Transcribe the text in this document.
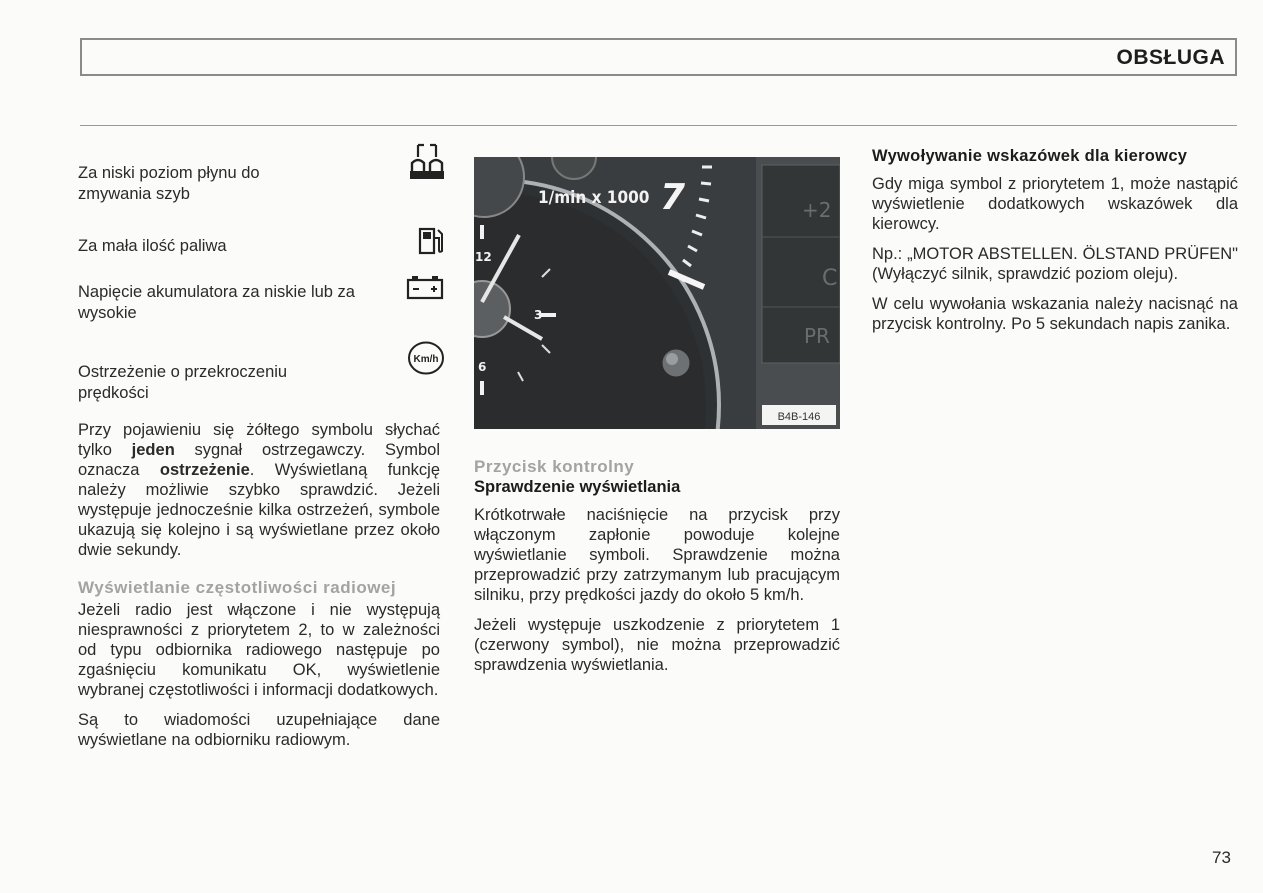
OBSŁUGA
Za niski poziom płynu do zmywania szyb
Za mała ilość paliwa
Napięcie akumulatora za niskie lub za wysokie
Ostrzeżenie o przekroczeniu prędkości
Km/h

Przy pojawieniu się żółtego symbolu słychać tylko jeden sygnał ostrzegawczy. Symbol oznacza ostrzeżenie. Wyświetlaną funkcję należy możliwie szybko sprawdzić. Jeżeli występuje jednocześnie kilka ostrzeżeń, symbole ukazują się kolejno i są wyświetlane przez około dwie sekundy.

Wyświetlanie częstotliwości radiowej

Jeżeli radio jest włączone i nie występują niesprawności z priorytetem 2, to w zależności od typu odbiornika radiowego następuje po zgaśnięciu komunikatu OK, wyświetlenie wybranej częstotliwości i informacji dodatkowych.

Są to wiadomości uzupełniające dane wyświetlane na odbiorniku radiowym.

1/min x 1000 7
12
3
6
+2
C
PR
B4B-146
Przycisk kontrolny
Sprawdzenie wyświetlania

Krótkotrwałe naciśnięcie na przycisk przy włączonym zapłonie powoduje kolejne wyświetlanie symboli. Sprawdzenie można przeprowadzić przy zatrzymanym lub pracującym silniku, przy prędkości jazdy do około 5 km/h.

Jeżeli występuje uszkodzenie z priorytetem 1 (czerwony symbol), nie można przeprowadzić sprawdzenia wyświetlania.

Wywoływanie wskazówek dla kierowcy

Gdy miga symbol z priorytetem 1, może nastąpić wyświetlenie dodatkowych wskazówek dla kierowcy.

Np.: „MOTOR ABSTELLEN. ÖLSTAND PRÜFEN" (Wyłączyć silnik, sprawdzić poziom oleju).

W celu wywołania wskazania należy nacisnąć na przycisk kontrolny. Po 5 sekundach napis zanika.

73
